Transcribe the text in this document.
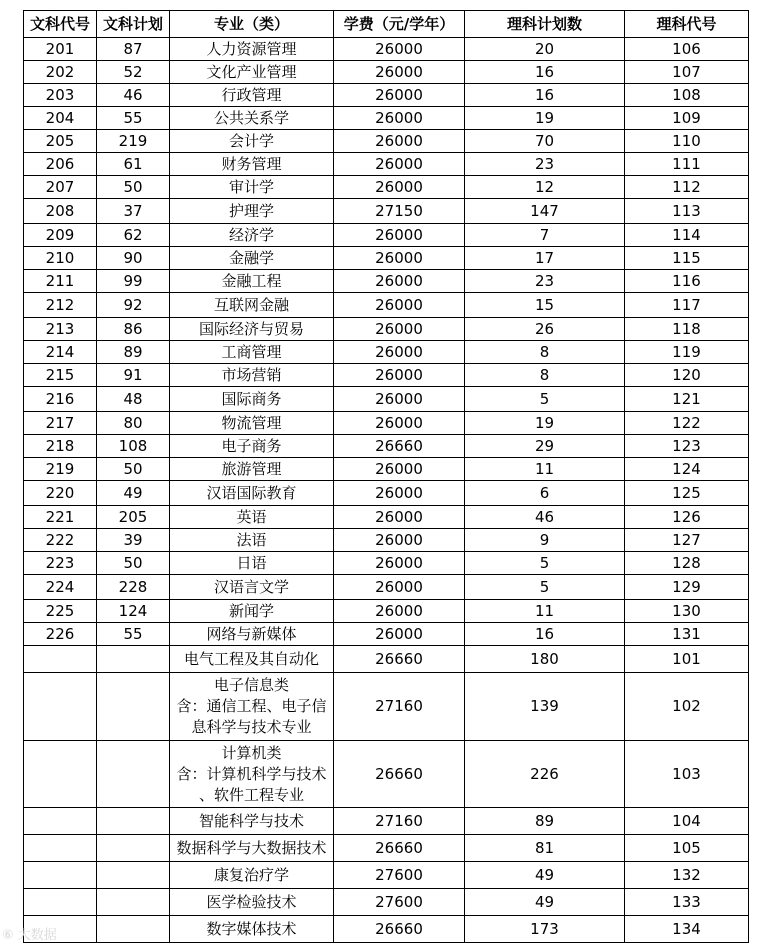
文科代号	文科计划	专业（类）	学费（元/学年）	理科计划数	理科代号
201	87	人力资源管理	26000	20	106
202	52	文化产业管理	26000	16	107
203	46	行政管理	26000	16	108
204	55	公共关系学	26000	19	109
205	219	会计学	26000	70	110
206	61	财务管理	26000	23	111
207	50	审计学	26000	12	112
208	37	护理学	27150	147	113
209	62	经济学	26000	7	114
210	90	金融学	26000	17	115
211	99	金融工程	26000	23	116
212	92	互联网金融	26000	15	117
213	86	国际经济与贸易	26000	26	118
214	89	工商管理	26000	8	119
215	91	市场营销	26000	8	120
216	48	国际商务	26000	5	121
217	80	物流管理	26000	19	122
218	108	电子商务	26660	29	123
219	50	旅游管理	26000	11	124
220	49	汉语国际教育	26000	6	125
221	205	英语	26000	46	126
222	39	法语	26000	9	127
223	50	日语	26000	5	128
224	228	汉语言文学	26000	5	129
225	124	新闻学	26000	11	130
226	55	网络与新媒体	26000	16	131

		电气工程及其自动化	26660	180	101

		电子信息类
含：通信工程、电子信
息科学与技术专业	27160	139	102

		计算机类
含：计算机科学与技术
、软件工程专业	26660	226	103

		智能科学与技术	27160	89	104

		数据科学与大数据技术	26660	81	105

		康复治疗学	27600	49	132

		医学检验技术	27600	49	133

		数字媒体技术	26660	173	134
⑥ 大数据
